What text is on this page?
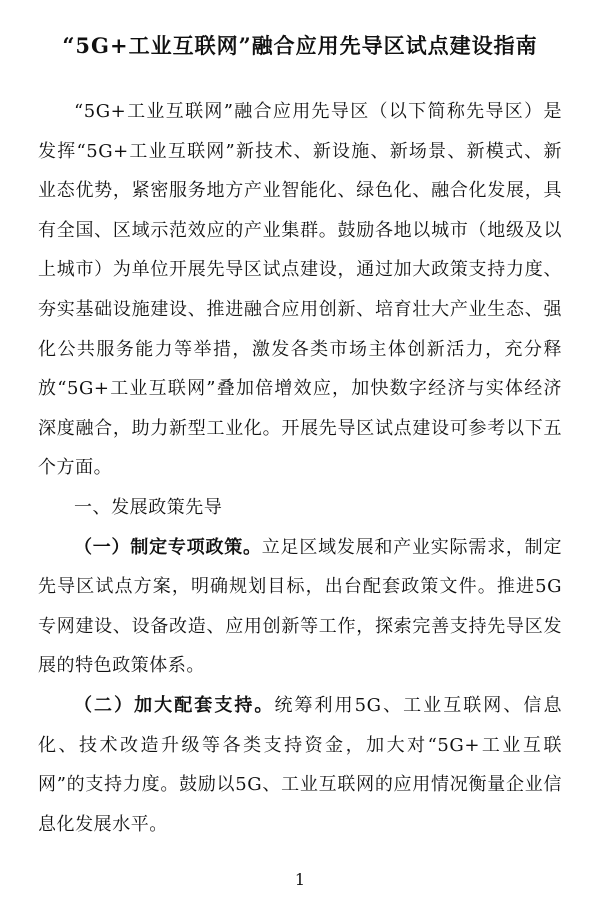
“5G+工业互联网”融合应用先导区试点建设指南

“5G+工业互联网”融合应用先导区（以下简称先导区）是发挥“5G+工业互联网”新技术、新设施、新场景、新模式、新业态优势，紧密服务地方产业智能化、绿色化、融合化发展，具有全国、区域示范效应的产业集群。鼓励各地以城市（地级及以上城市）为单位开展先导区试点建设，通过加大政策支持力度、夯实基础设施建设、推进融合应用创新、培育壮大产业生态、强化公共服务能力等举措，激发各类市场主体创新活力，充分释放“5G+工业互联网”叠加倍增效应，加快数字经济与实体经济深度融合，助力新型工业化。开展先导区试点建设可参考以下五个方面。

一、发展政策先导

（一）制定专项政策。立足区域发展和产业实际需求，制定先导区试点方案，明确规划目标，出台配套政策文件。推进5G专网建设、设备改造、应用创新等工作，探索完善支持先导区发展的特色政策体系。

（二）加大配套支持。统筹利用5G、工业互联网、信息化、技术改造升级等各类支持资金，加大对“5G+工业互联网”的支持力度。鼓励以5G、工业互联网的应用情况衡量企业信息化发展水平。

1
